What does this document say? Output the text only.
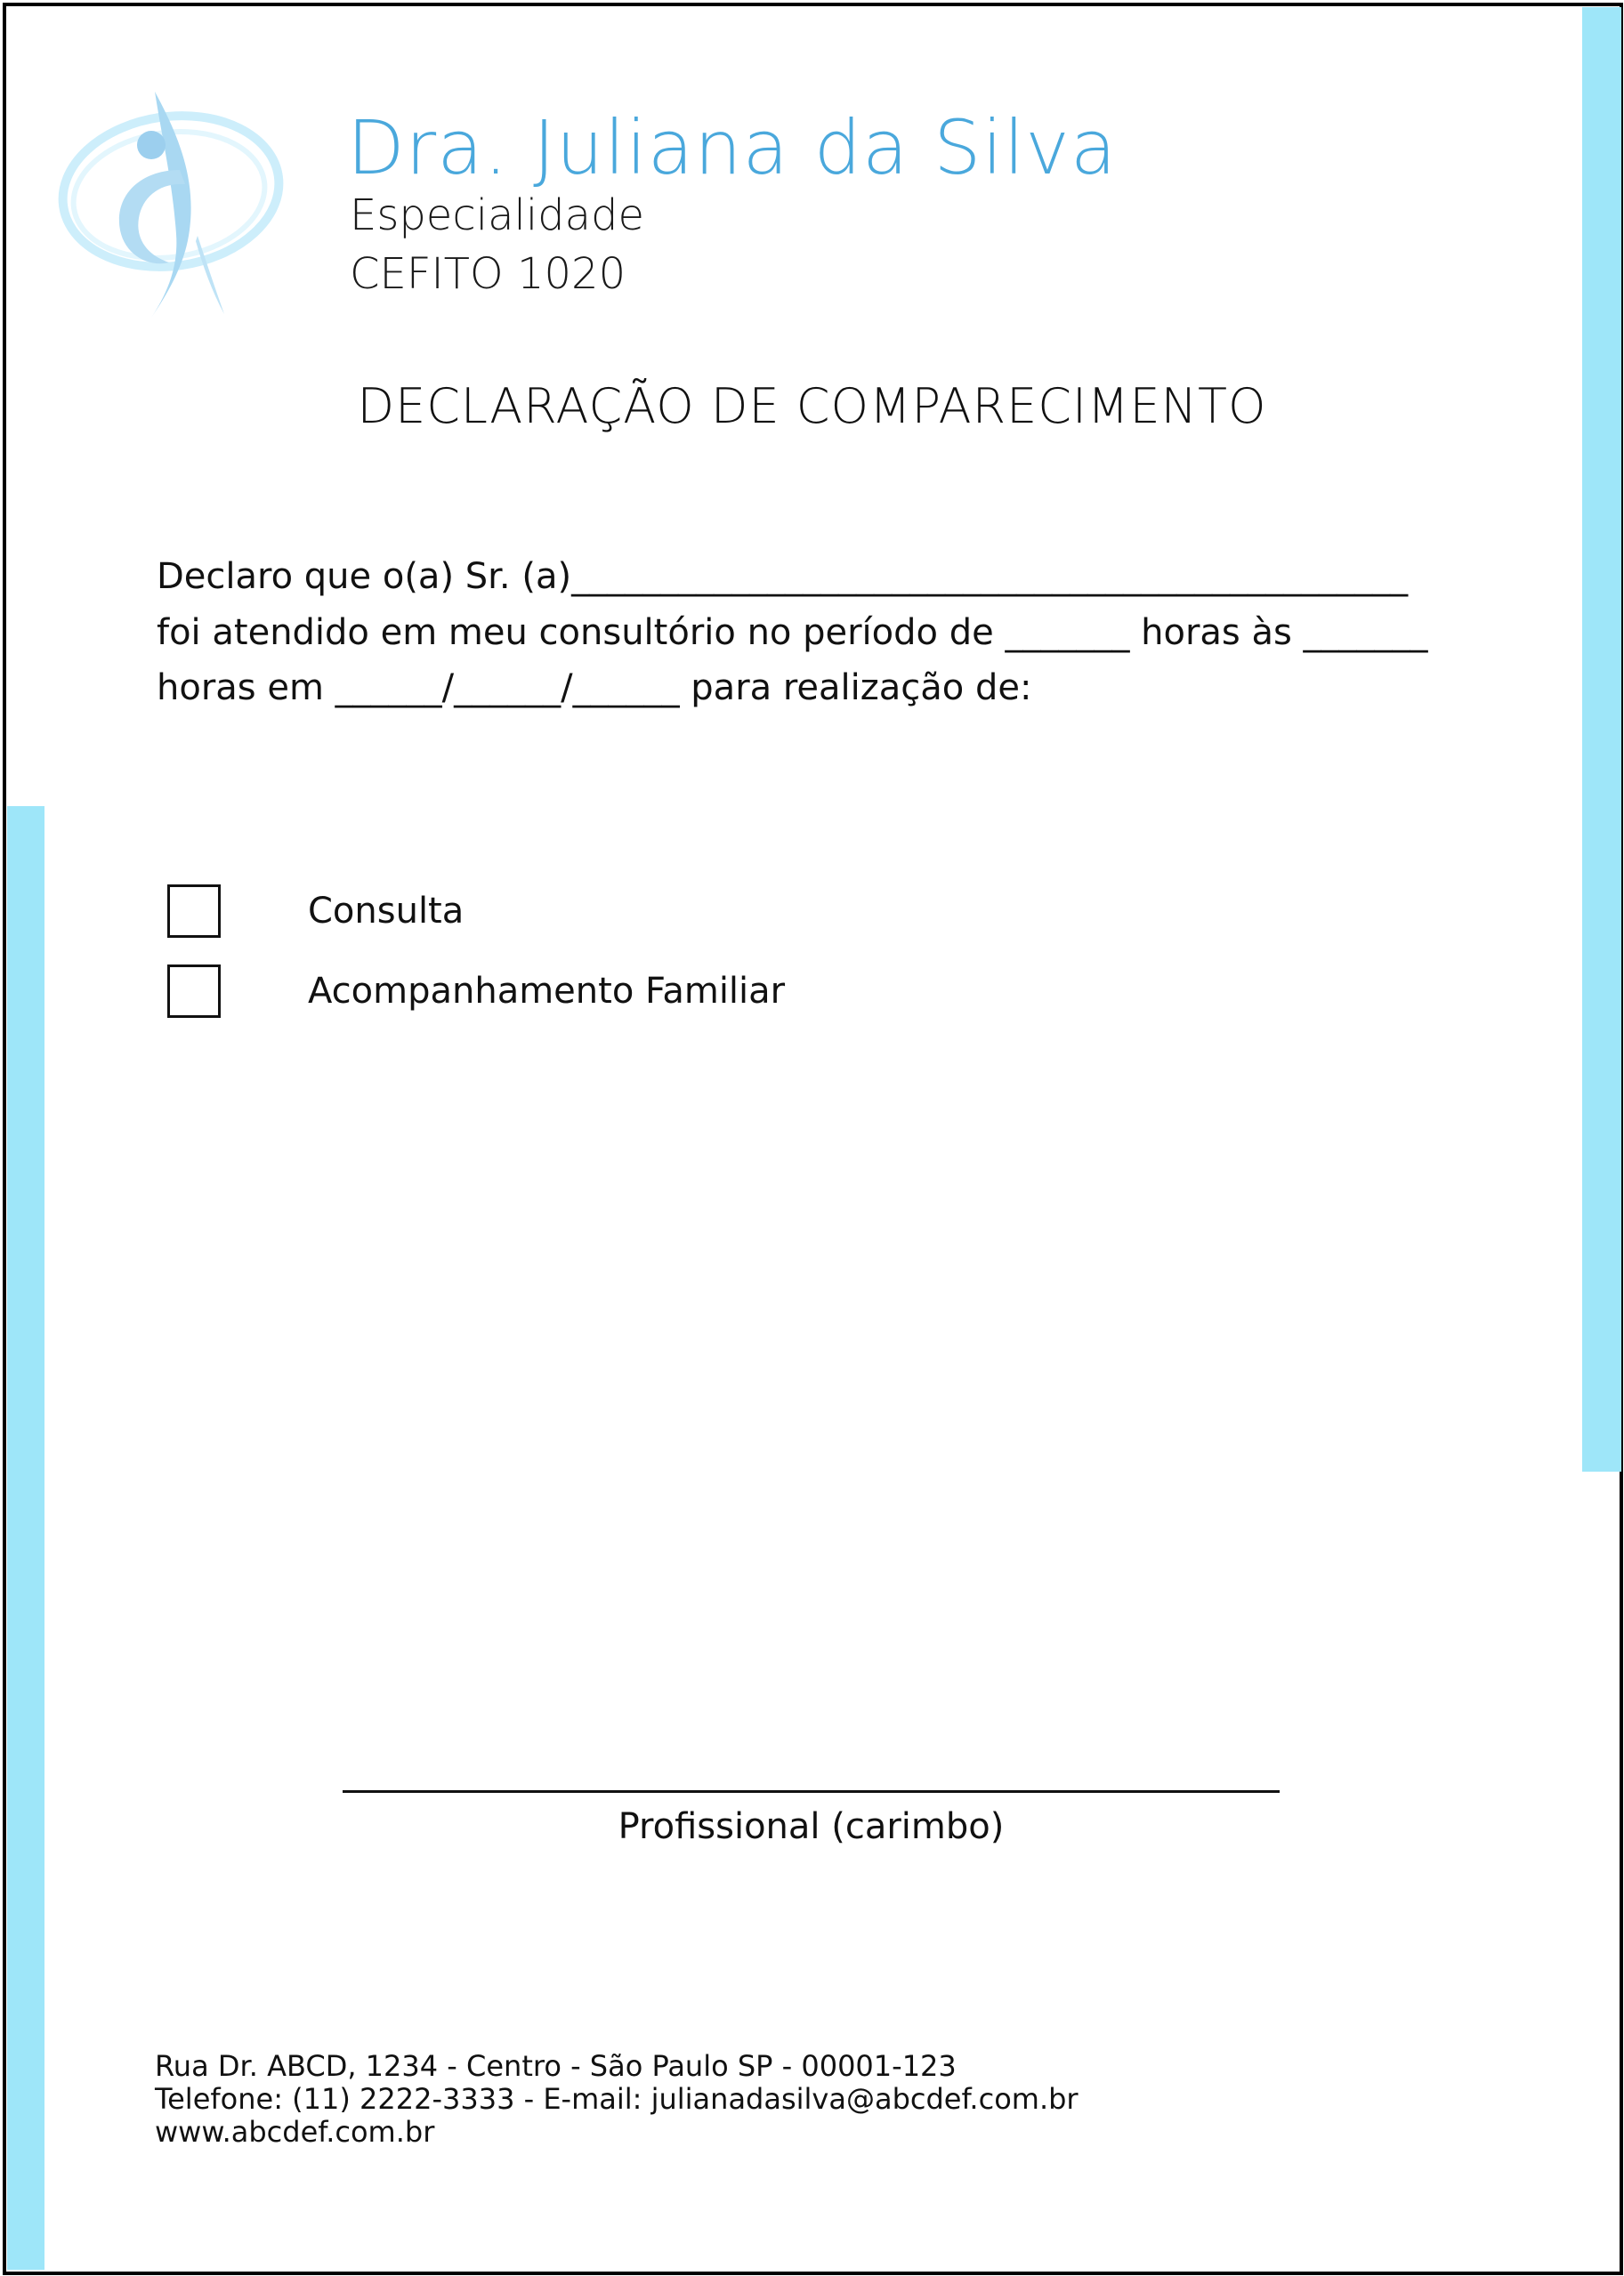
Dra. Juliana da Silva
Especialidade
CEFITO 1020
DECLARAÇÃO DE COMPARECIMENTO
Declaro que o(a) Sr. (a)_______________________________________________
foi atendido em meu consultório no período de _______ horas às _______
horas em ______/______/______ para realização de:
Consulta
Acompanhamento Familiar
Profissional (carimbo)
Rua Dr. ABCD, 1234 - Centro - São Paulo SP - 00001-123
Telefone: (11) 2222-3333 - E-mail: julianadasilva@abcdef.com.br
www.abcdef.com.br
